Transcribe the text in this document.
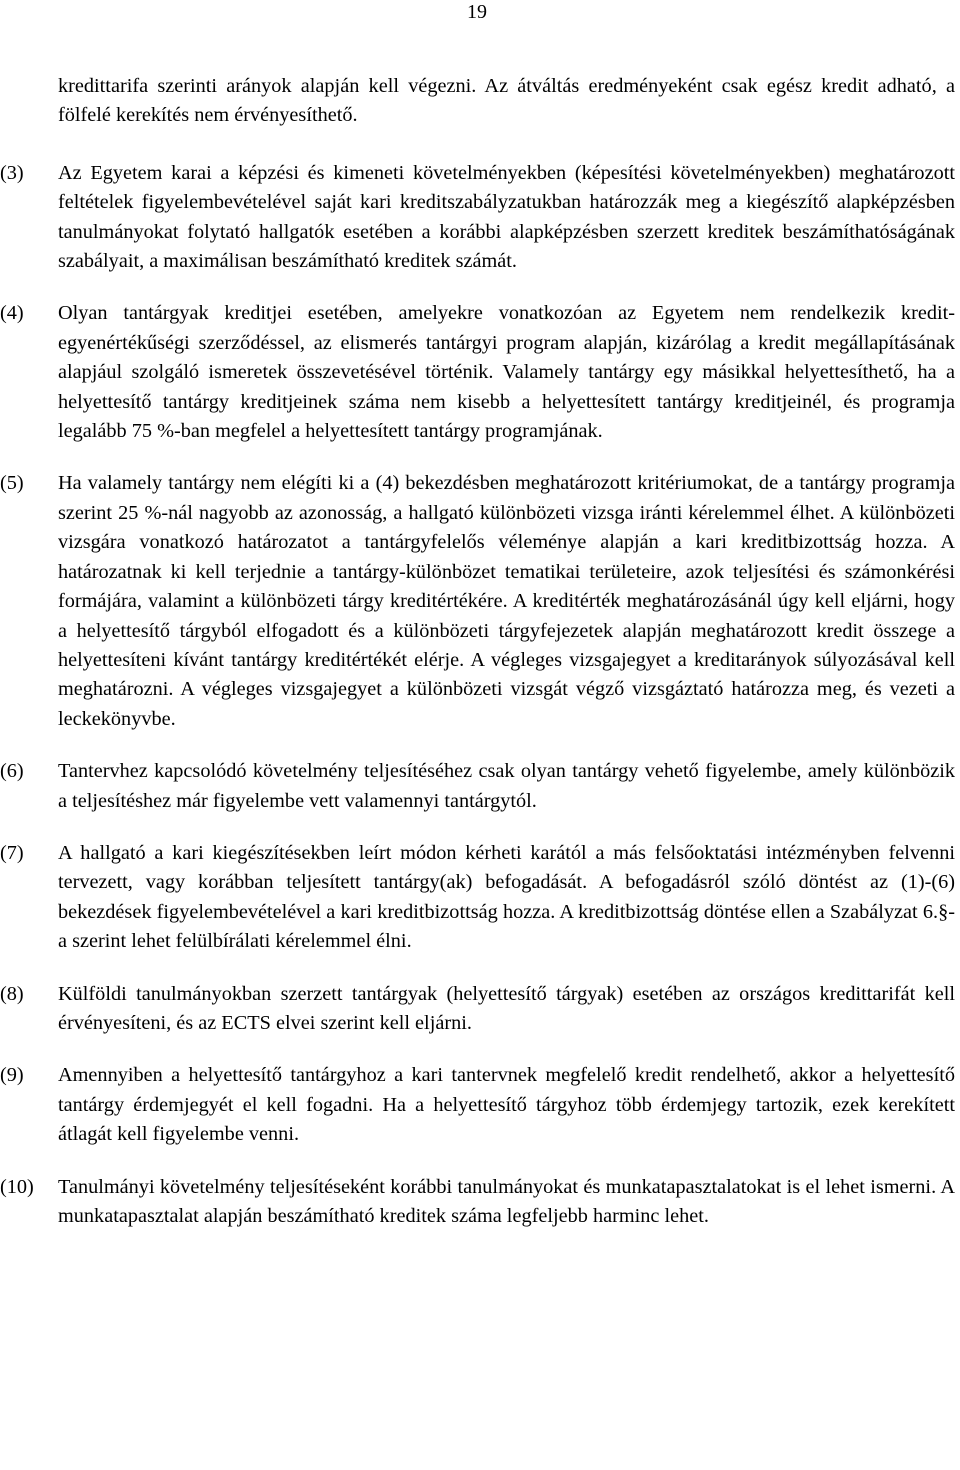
19

kredittarifa szerinti arányok alapján kell végezni. Az átváltás eredményeként csak egész kredit adható, a fölfelé kerekítés nem érvényesíthető.

(3)	Az Egyetem karai a képzési és kimeneti követelményekben (képesítési követelményekben) meghatározott feltételek figyelembevételével saját kari kreditszabályzatukban határozzák meg a kiegészítő alapképzésben tanulmányokat folytató hallgatók esetében a korábbi alapképzésben szerzett kreditek beszámíthatóságának szabályait, a maximálisan beszámítható kreditek számát.

(4)	Olyan tantárgyak kreditjei esetében, amelyekre vonatkozóan az Egyetem nem rendelkezik kredit-egyenértékűségi szerződéssel, az elismerés tantárgyi program alapján, kizárólag a kredit megállapításának alapjául szolgáló ismeretek összevetésével történik. Valamely tantárgy egy másikkal helyettesíthető, ha a helyettesítő tantárgy kreditjeinek száma nem kisebb a helyettesített tantárgy kreditjeinél, és programja legalább 75 %-ban megfelel a helyettesített tantárgy programjának.

(5)	Ha valamely tantárgy nem elégíti ki a (4) bekezdésben meghatározott kritériumokat, de a tantárgy programja szerint 25 %-nál nagyobb az azonosság, a hallgató különbözeti vizsga iránti kérelemmel élhet. A különbözeti vizsgára vonatkozó határozatot a tantárgyfelelős véleménye alapján a kari kreditbizottság hozza. A határozatnak ki kell terjednie a tantárgy-különbözet tematikai területeire, azok teljesítési és számonkérési formájára, valamint a különbözeti tárgy kreditértékére. A kreditérték meghatározásánál úgy kell eljárni, hogy a helyettesítő tárgyból elfogadott és a különbözeti tárgyfejezetek alapján meghatározott kredit összege a helyettesíteni kívánt tantárgy kreditértékét elérje. A végleges vizsgajegyet a kreditarányok súlyozásával kell meghatározni. A végleges vizsgajegyet a különbözeti vizsgát végző vizsgáztató határozza meg, és vezeti a leckekönyvbe.

(6)	Tantervhez kapcsolódó követelmény teljesítéséhez csak olyan tantárgy vehető figyelembe, amely különbözik a teljesítéshez már figyelembe vett valamennyi tantárgytól.

(7)	A hallgató a kari kiegészítésekben leírt módon kérheti karától a más felsőoktatási intézményben felvenni tervezett, vagy korábban teljesített tantárgy(ak) befogadását. A befogadásról szóló döntést az (1)-(6) bekezdések figyelembevételével a kari kreditbizottság hozza. A kreditbizottság döntése ellen a Szabályzat 6.§-a szerint lehet felülbírálati kérelemmel élni.

(8)	Külföldi tanulmányokban szerzett tantárgyak (helyettesítő tárgyak) esetében az országos kredittarifát kell érvényesíteni, és az ECTS elvei szerint kell eljárni.

(9)	Amennyiben a helyettesítő tantárgyhoz a kari tantervnek megfelelő kredit rendelhető, akkor a helyettesítő tantárgy érdemjegyét el kell fogadni. Ha a helyettesítő tárgyhoz több érdemjegy tartozik, ezek kerekített átlagát kell figyelembe venni.

(10)	Tanulmányi követelmény teljesítéseként korábbi tanulmányokat és munkatapasztalatokat is el lehet ismerni. A munkatapasztalat alapján beszámítható kreditek száma legfeljebb harminc lehet.
